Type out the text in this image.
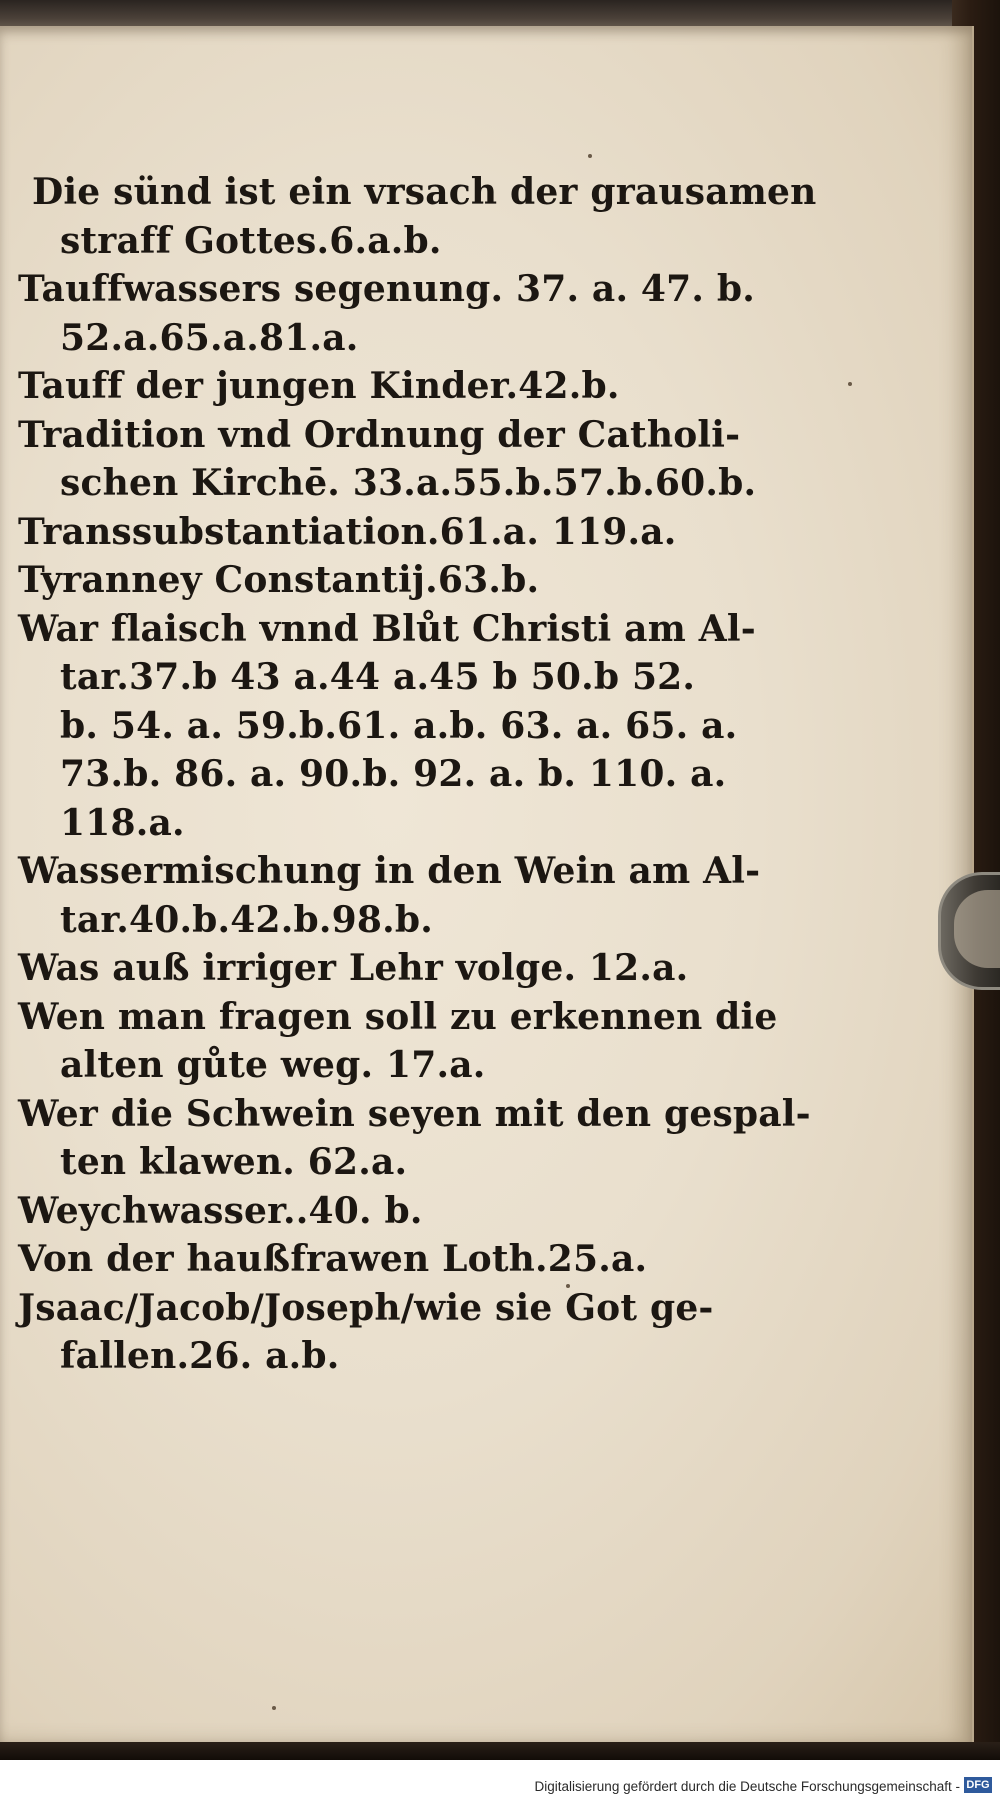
Die sünd ist ein vrsach der grausamen
straff Gottes.6.a.b.
Tauffwassers segenung. 37. a. 47. b.
52.a.65.a.81.a.
Tauff der jungen Kinder.42.b.
Tradition vnd Ordnung der Catholi-
schen Kirchē. 33.a.55.b.57.b.60.b.
Transsubstantiation.61.a. 119.a.
Tyranney Constantij.63.b.
War flaisch vnnd Blůt Christi am Al-
tar.37.b 43 a.44 a.45 b 50.b 52.
b. 54. a. 59.b.61. a.b. 63. a. 65. a.
73.b. 86. a. 90.b. 92. a. b. 110. a.
118.a.
Wassermischung in den Wein am Al-
tar.40.b.42.b.98.b.
Was auß irriger Lehr volge. 12.a.
Wen man fragen soll zu erkennen die
alten gůte weg. 17.a.
Wer die Schwein seyen mit den gespal-
ten klawen. 62.a.
Weychwasser..40. b.
Von der haußfrawen Loth.25.a.
Jsaac/Jacob/Joseph/wie sie Got ge-
fallen.26. a.b.
Digitalisierung gefördert durch die Deutsche Forschungsgemeinschaft - DFG
